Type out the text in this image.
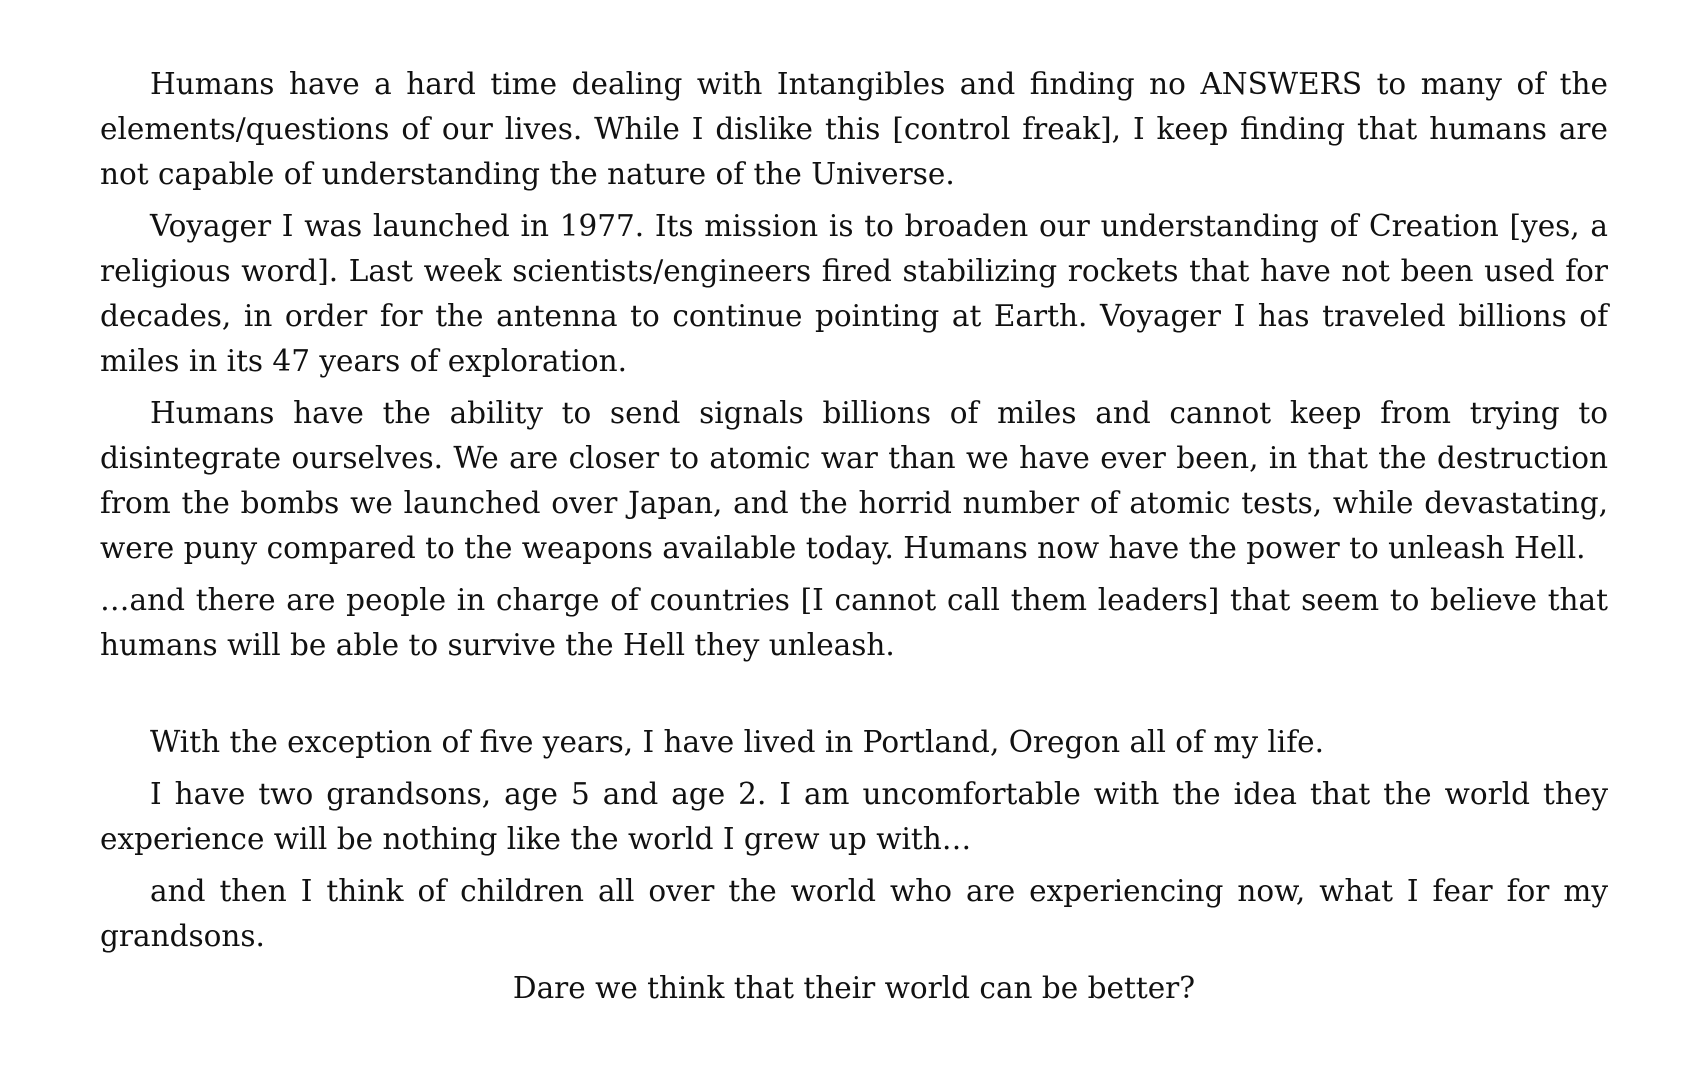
Humans have a hard time dealing with Intangibles and finding no ANSWERS to many of the elements/questions of our lives. While I dislike this [control freak], I keep finding that humans are not capable of understanding the nature of the Universe.

Voyager I was launched in 1977. Its mission is to broaden our understanding of Creation [yes, a religious word]. Last week scientists/engineers fired stabilizing rockets that have not been used for decades, in order for the antenna to continue pointing at Earth. Voyager I has traveled billions of miles in its 47 years of exploration.

Humans have the ability to send signals billions of miles and cannot keep from trying to disintegrate ourselves. We are closer to atomic war than we have ever been, in that the destruction from the bombs we launched over Japan, and the horrid number of atomic tests, while devastating, were puny compared to the weapons available today. Humans now have the power to unleash Hell.

…and there are people in charge of countries [I cannot call them leaders] that seem to believe that humans will be able to survive the Hell they unleash.

With the exception of five years, I have lived in Portland, Oregon all of my life.

I have two grandsons, age 5 and age 2. I am uncomfortable with the idea that the world they experience will be nothing like the world I grew up with…

and then I think of children all over the world who are experiencing now, what I fear for my grandsons.

Dare we think that their world can be better?
